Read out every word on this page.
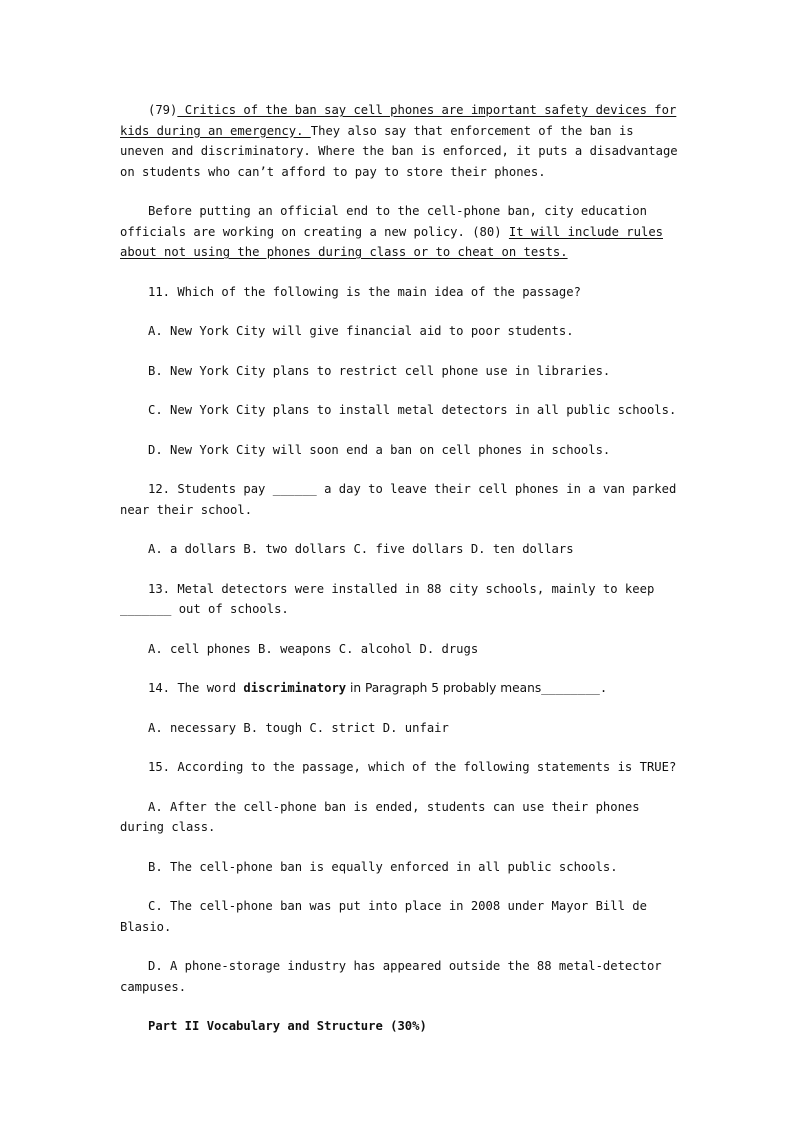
(79) Critics of the ban say cell phones are important safety devices for kids during an emergency. They also say that enforcement of the ban is uneven and discriminatory. Where the ban is enforced, it puts a disadvantage on students who can’t afford to pay to store their phones.

Before putting an official end to the cell-phone ban, city education officials are working on creating a new policy. (80) It will include rules about not using the phones during class or to cheat on tests.

11. Which of the following is the main idea of the passage?

A. New York City will give financial aid to poor students.

B. New York City plans to restrict cell phone use in libraries.

C. New York City plans to install metal detectors in all public schools.

D. New York City will soon end a ban on cell phones in schools.

12. Students pay ______ a day to leave their cell phones in a van parked near their school.

A. a dollars B. two dollars C. five dollars D. ten dollars

13. Metal detectors were installed in 88 city schools, mainly to keep _______ out of schools.

A. cell phones B. weapons C. alcohol D. drugs

14. The word discriminatory in Paragraph 5 probably means________.

A. necessary B. tough C. strict D. unfair

15. According to the passage, which of the following statements is TRUE?

A. After the cell-phone ban is ended, students can use their phones during class.

B. The cell-phone ban is equally enforced in all public schools.

C. The cell-phone ban was put into place in 2008 under Mayor Bill de Blasio.

D. A phone-storage industry has appeared outside the 88 metal-detector campuses.

Part II Vocabulary and Structure (30%)
